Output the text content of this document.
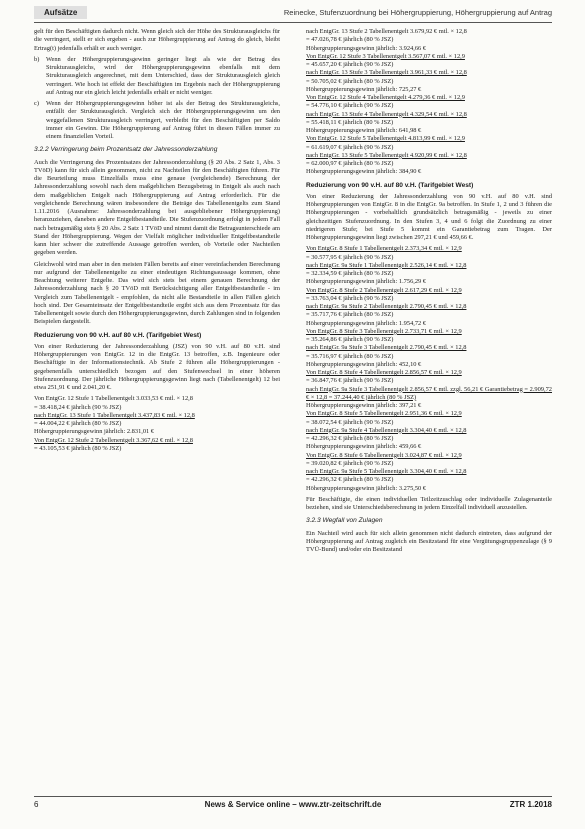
Aufsätze	Reinecke, Stufenzuordnung bei Höhergruppierung, Höhergruppierung auf Antrag

gelt für den Beschäftigten dadurch nicht. Wenn gleich sich der Höhe des Strukturausgleichs für die verringert, stellt er sich ergeben - auch zur Höhergruppierung auf Antrag do gleich, bleibt Ertrag(t) jedenfalls erhält er auch weniger.

b)	Wenn der Höhergruppierungsgewinn geringer liegt als wie der Betrag des Strukturausgleichs, wird der Höhergruppierungsgewinn ebenfalls mit dem Strukturausgleich angerechnet, mit dem Unterschied, dass der Strukturausgleich gleich verringert. Wie hoch ist effekt der Beschäftigten im Ergebnis nach der Höhergruppierung auf Antrag nur ein gleich leicht jedenfalls erhält er nicht weniger.
c)	Wenn der Höhergruppierungsgewinn höher ist als der Betrag des Strukturausgleichs, entfällt der Strukturausgleich. Vergleich sich der Höhergruppierungsgewinn um den weggefallenen Strukturausgleich verringert, verbleibt für den Beschäftigten per Saldo immer ein Gewinn. Die Höhergruppierung auf Antrag führt in diesen Fällen immer zu einem finanziellen Vorteil.
3.2.2 Verringerung beim Prozentsatz der Jahressonderzahlung

Auch die Verringerung des Prozentsatzes der Jahressonderzahlung (§ 20 Abs. 2 Satz 1, Abs. 3 TVöD) kann für sich allein genommen, nicht zu Nachteilen für den Beschäftigten führen. Für die Beurteilung muss Einzelfalls muss eine genaue (vergleichende) Berechnung der Jahressonderzahlung sowohl nach dem maßgeblichen Bezugsbetrag in Entgelt als auch nach dem maßgeblichen Entgelt nach Höhergruppierung auf Antrag erforderlich. Für die vergleichende Berechnung wären insbesondere die Beträge des Tabellenentgelts zum Stand 1.11.2016 (Ausnahme: Jahressonderzahlung bei ausgebliebener Höhergruppierung) heranzuziehen, daneben andere Entgeltbestandteile. Die Stufenzuordnung erfolgt in jedem Fall nach betragsmäßig stets § 20 Abs. 2 Satz 1 TVöD und nimmt damit die Betragsunterschiede am Stand der Höhergruppierung. Wegen der Vielfalt möglicher individueller Entgeltbestandteile kann hier schwer die zutreffende Aussage getroffen werden, ob Vorteile oder Nachteilen gegeben werden.

Gleichwohl wird man aber in den meisten Fällen bereits auf einer vereinfachenden Berechnung nur aufgrund der Tabellenentgelte zu einer eindeutigen Richtungsaussage kommen, ohne Beachtung weiterer Entgelte. Das wird sich stets bei einem genauen Berechnung der Jahressonderzahlung nach § 20 TVöD mit Berücksichtigung aller Entgeltbestandteile - im Vergleich zum Tabellenentgelt - empfohlen, da nicht alle Bestandteile in allen Fällen gleich hoch sind. Der Gesamteinsatz der Entgeltbestandteile ergibt sich aus dem Prozentsatz für das Tabellenentgelt sowie durch den Höhergruppierungsgewinn, durch Zahlungen sind in folgenden Beispielen dargestellt.

Reduzierung von 90 v.H. auf 80 v.H. (Tarifgebiet West)

Von einer Reduzierung der Jahressonderzahlung (JSZ) von 90 v.H. auf 80 v.H. sind Höhergruppierungen von EntgGr. 12 in die EntgGr. 13 betroffen, z.B. Ingenieure oder Beschäftigte in der Informationstechnik. Ab Stufe 2 führen alle Höhergruppierungen - gegebenenfalls unterschiedlich bezogen auf den Stufenwechsel in einer höheren Stufenzuordnung. Der jährliche Höhergruppierungsgewinn liegt nach (Tabellenentgelt) 12 bei etwa 251,91 € und 2.041,20 €.

Von EntgGr. 12 Stufe 1 Tabellenentgelt 3.033,53 € mtl. × 12,8
= 38.418,24 € jährlich (90 % JSZ)
nach EntgGr. 13 Stufe 1 Tabellenentgelt 3.437,83 € mtl. × 12,8
= 44.004,22 € jährlich (80 % JSZ)
Höhergruppierungsgewinn jährlich: 2.831,01 €
Von EntgGr. 12 Stufe 2 Tabellenentgelt 3.367,62 € mtl. × 12,8
= 43.105,53 € jährlich (80 % JSZ)
nach EntgGr. 13 Stufe 2 Tabellenentgelt 3.679,92 € mtl. × 12,8
= 47.026,78 € jährlich (80 % JSZ)
Höhergruppierungsgewinn jährlich: 3.924,66 €
Von EntgGr. 12 Stufe 3 Tabellenentgelt 3.567,07 € mtl. × 12,9
= 45.657,20 € jährlich (90 % JSZ)
nach EntgGr. 13 Stufe 3 Tabellenentgelt 3.961,33 € mtl. × 12,8
= 50.705,02 € jährlich (80 % JSZ)
Höhergruppierungsgewinn jährlich: 725,27 €
Von EntgGr. 12 Stufe 4 Tabellenentgelt 4.279,36 € mtl. × 12,9
= 54.776,10 € jährlich (90 % JSZ)
nach EntgGr. 13 Stufe 4 Tabellenentgelt 4.329,54 € mtl. × 12,8
= 55.418,11 € jährlich (80 % JSZ)
Höhergruppierungsgewinn jährlich: 641,98 €
Von EntgGr. 12 Stufe 5 Tabellenentgelt 4.813,99 € mtl. × 12,9
= 61.619,07 € jährlich (90 % JSZ)
nach EntgGr. 13 Stufe 5 Tabellenentgelt 4.920,99 € mtl. × 12,8
= 62.000,97 € jährlich (80 % JSZ)
Höhergruppierungsgewinn jährlich: 384,90 €
Reduzierung von 90 v.H. auf 80 v.H. (Tarifgebiet West)

Von einer Reduzierung der Jahressonderzahlung von 90 v.H. auf 80 v.H. sind Höhergruppierungen von EntgGr. 8 in die EntgGr. 9a betroffen. In Stufe 1, 2 und 3 führen die Höhergruppierungen - vorbehaltlich grundsätzlich betragsmäßig - jeweils zu einer gleichzeitigen Stufenzuordnung. In den Stufen 3, 4 und 6 folgt die Zuordnung zu einer niedrigeren Stufe; bei Stufe 5 kommt ein Garantiebetrag zum Tragen. Der Höhergruppierungsgewinn liegt zwischen 297,21 € und 459,66 €.

Von EntgGr. 8 Stufe 1 Tabellenentgelt 2.373,34 € mtl. × 12,9
= 30.577,95 € jährlich (90 % JSZ)
nach EntgGr. 9a Stufe 1 Tabellenentgelt 2.526,14 € mtl. × 12,8
= 32.334,59 € jährlich (80 % JSZ)
Höhergruppierungsgewinn jährlich: 1.756,29 €
Von EntgGr. 8 Stufe 2 Tabellenentgelt 2.617,29 € mtl. × 12,9
= 33.763,04 € jährlich (90 % JSZ)
nach EntgGr. 9a Stufe 2 Tabellenentgelt 2.790,45 € mtl. × 12,8
= 35.717,76 € jährlich (80 % JSZ)
Höhergruppierungsgewinn jährlich: 1.954,72 €
Von EntgGr. 8 Stufe 3 Tabellenentgelt 2.733,71 € mtl. × 12,9
= 35.264,86 € jährlich (90 % JSZ)
nach EntgGr. 9a Stufe 3 Tabellenentgelt 2.790,45 € mtl. × 12,8
= 35.716,97 € jährlich (80 % JSZ)
Höhergruppierungsgewinn jährlich: 452,10 €
Von EntgGr. 8 Stufe 4 Tabellenentgelt 2.856,57 € mtl. × 12,9
= 36.847,76 € jährlich (90 % JSZ)
nach EntgGr. 9a Stufe 3 Tabellenentgelt 2.856,57 € mtl. zzgl. 56,21 € Garantiebetrag = 2.909,72 € × 12,8 = 37.244,40 € jährlich (80 % JSZ)
Höhergruppierungsgewinn jährlich: 397,21 €
Von EntgGr. 8 Stufe 5 Tabellenentgelt 2.951,36 € mtl. × 12,9
= 38.072,54 € jährlich (90 % JSZ)
nach EntgGr. 9a Stufe 4 Tabellenentgelt 3.304,40 € mtl. × 12,8
= 42.296,32 € jährlich (80 % JSZ)
Höhergruppierungsgewinn jährlich: 459,66 €
Von EntgGr. 8 Stufe 6 Tabellenentgelt 3.024,87 € mtl. × 12,9
= 39.020,82 € jährlich (90 % JSZ)
nach EntgGr. 9a Stufe 5 Tabellenentgelt 3.304,40 € mtl. × 12,8
= 42.296,32 € jährlich (80 % JSZ)
Höhergruppierungsgewinn jährlich: 3.275,50 €

Für Beschäftigte, die einen individuellen Teilzeitzuschlag oder individuelle Zulagenanteile beziehen, sind sie Unterschiedsberechnung in jedem Einzelfall individuell anzustellen.

3.2.3 Wegfall von Zulagen

Ein Nachteil wird auch für sich allein genommen nicht dadurch eintreten, dass aufgrund der Höhergruppierung auf Antrag zugleich ein Besitzstand für eine Vergütungsgruppenzulage (§ 9 TVÜ-Bund) und/oder ein Besitzstand

6	News & Service online – www.ztr-zeitschrift.de	ZTR 1.2018
